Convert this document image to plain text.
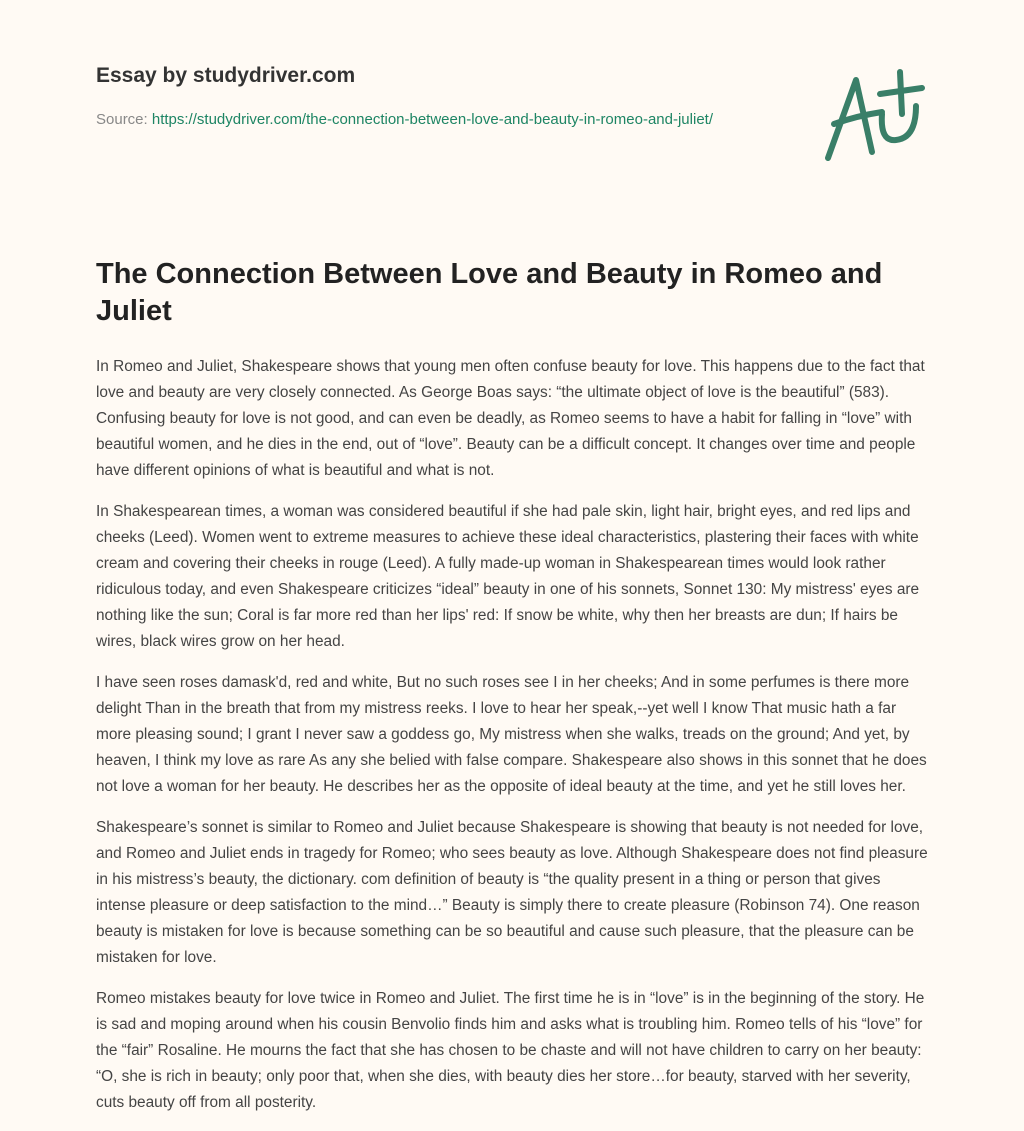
Essay by studydriver.com
Source: https://studydriver.com/the-connection-between-love-and-beauty-in-romeo-and-juliet/
The Connection Between Love and Beauty in Romeo and Juliet

In Romeo and Juliet, Shakespeare shows that young men often confuse beauty for love. This happens due to the fact that love and beauty are very closely connected. As George Boas says: “the ultimate object of love is the beautiful” (583). Confusing beauty for love is not good, and can even be deadly, as Romeo seems to have a habit for falling in “love” with beautiful women, and he dies in the end, out of “love”. Beauty can be a difficult concept. It changes over time and people have different opinions of what is beautiful and what is not.

In Shakespearean times, a woman was considered beautiful if she had pale skin, light hair, bright eyes, and red lips and cheeks (Leed). Women went to extreme measures to achieve these ideal characteristics, plastering their faces with white cream and covering their cheeks in rouge (Leed). A fully made-up woman in Shakespearean times would look rather ridiculous today, and even Shakespeare criticizes “ideal” beauty in one of his sonnets, Sonnet 130: My mistress' eyes are nothing like the sun; Coral is far more red than her lips' red: If snow be white, why then her breasts are dun; If hairs be wires, black wires grow on her head.

I have seen roses damask'd, red and white, But no such roses see I in her cheeks; And in some perfumes is there more delight Than in the breath that from my mistress reeks. I love to hear her speak,--yet well I know That music hath a far more pleasing sound; I grant I never saw a goddess go, My mistress when she walks, treads on the ground; And yet, by heaven, I think my love as rare As any she belied with false compare. Shakespeare also shows in this sonnet that he does not love a woman for her beauty. He describes her as the opposite of ideal beauty at the time, and yet he still loves her.

Shakespeare’s sonnet is similar to Romeo and Juliet because Shakespeare is showing that beauty is not needed for love, and Romeo and Juliet ends in tragedy for Romeo; who sees beauty as love. Although Shakespeare does not find pleasure in his mistress’s beauty, the dictionary. com definition of beauty is “the quality present in a thing or person that gives intense pleasure or deep satisfaction to the mind…” Beauty is simply there to create pleasure (Robinson 74). One reason beauty is mistaken for love is because something can be so beautiful and cause such pleasure, that the pleasure can be mistaken for love.

Romeo mistakes beauty for love twice in Romeo and Juliet. The first time he is in “love” is in the beginning of the story. He is sad and moping around when his cousin Benvolio finds him and asks what is troubling him. Romeo tells of his “love” for the “fair” Rosaline. He mourns the fact that she has chosen to be chaste and will not have children to carry on her beauty: “O, she is rich in beauty; only poor that, when she dies, with beauty dies her store…for beauty, starved with her severity, cuts beauty off from all posterity.
